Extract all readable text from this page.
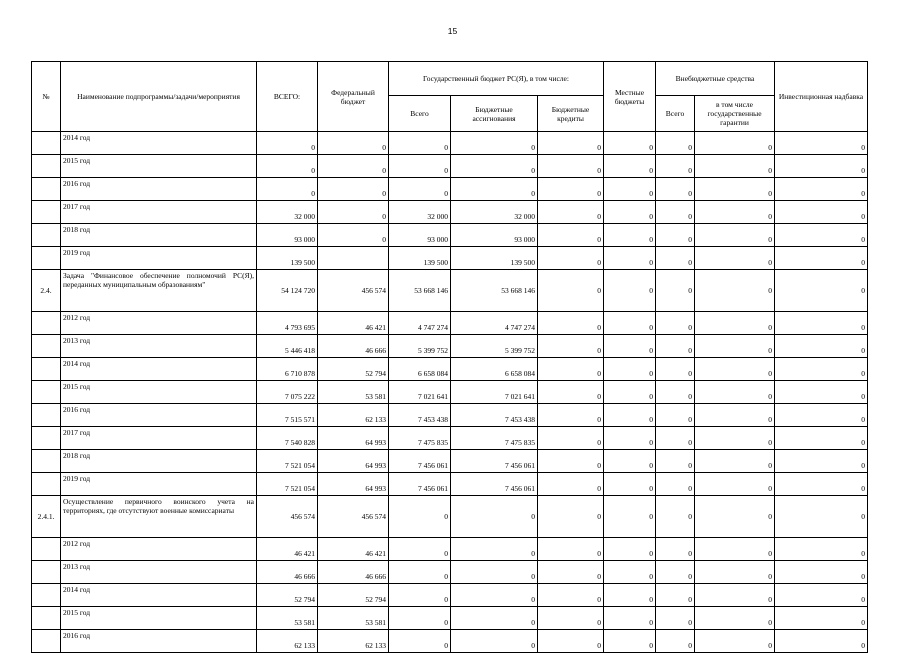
15
№	Наименование подпрограммы/задачи/мероприятия	ВСЕГО:	Федеральный бюджет	Государственный бюджет РС(Я), в том числе:			Местные бюджеты	Внебюджетные средства		Инвестиционная надбавка
				Всего	Бюджетные ассигнования	Бюджетные кредиты		Всего	в том числе государственные гарантии	
	2014 год	0	0	0	0	0	0	0	0	0
	2015 год	0	0	0	0	0	0	0	0	0
	2016 год	0	0	0	0	0	0	0	0	0
	2017 год	32 000	0	32 000	32 000	0	0	0	0	0
	2018 год	93 000	0	93 000	93 000	0	0	0	0	0
	2019 год	139 500		139 500	139 500	0	0	0	0	0
2.4.	Задача "Финансовое обеспечение полномочий РС(Я), переданных муниципальным образованиям"	54 124 720	456 574	53 668 146	53 668 146	0	0	0	0	0
	2012 год	4 793 695	46 421	4 747 274	4 747 274	0	0	0	0	0
	2013 год	5 446 418	46 666	5 399 752	5 399 752	0	0	0	0	0
	2014 год	6 710 878	52 794	6 658 084	6 658 084	0	0	0	0	0
	2015 год	7 075 222	53 581	7 021 641	7 021 641	0	0	0	0	0
	2016 год	7 515 571	62 133	7 453 438	7 453 438	0	0	0	0	0
	2017 год	7 540 828	64 993	7 475 835	7 475 835	0	0	0	0	0
	2018 год	7 521 054	64 993	7 456 061	7 456 061	0	0	0	0	0
	2019 год	7 521 054	64 993	7 456 061	7 456 061	0	0	0	0	0
2.4.1.	Осуществление первичного воинского учета на территориях, где отсутствуют военные комиссариаты	456 574	456 574	0	0	0	0	0	0	0
	2012 год	46 421	46 421	0	0	0	0	0	0	0
	2013 год	46 666	46 666	0	0	0	0	0	0	0
	2014 год	52 794	52 794	0	0	0	0	0	0	0
	2015 год	53 581	53 581	0	0	0	0	0	0	0
	2016 год	62 133	62 133	0	0	0	0	0	0	0
